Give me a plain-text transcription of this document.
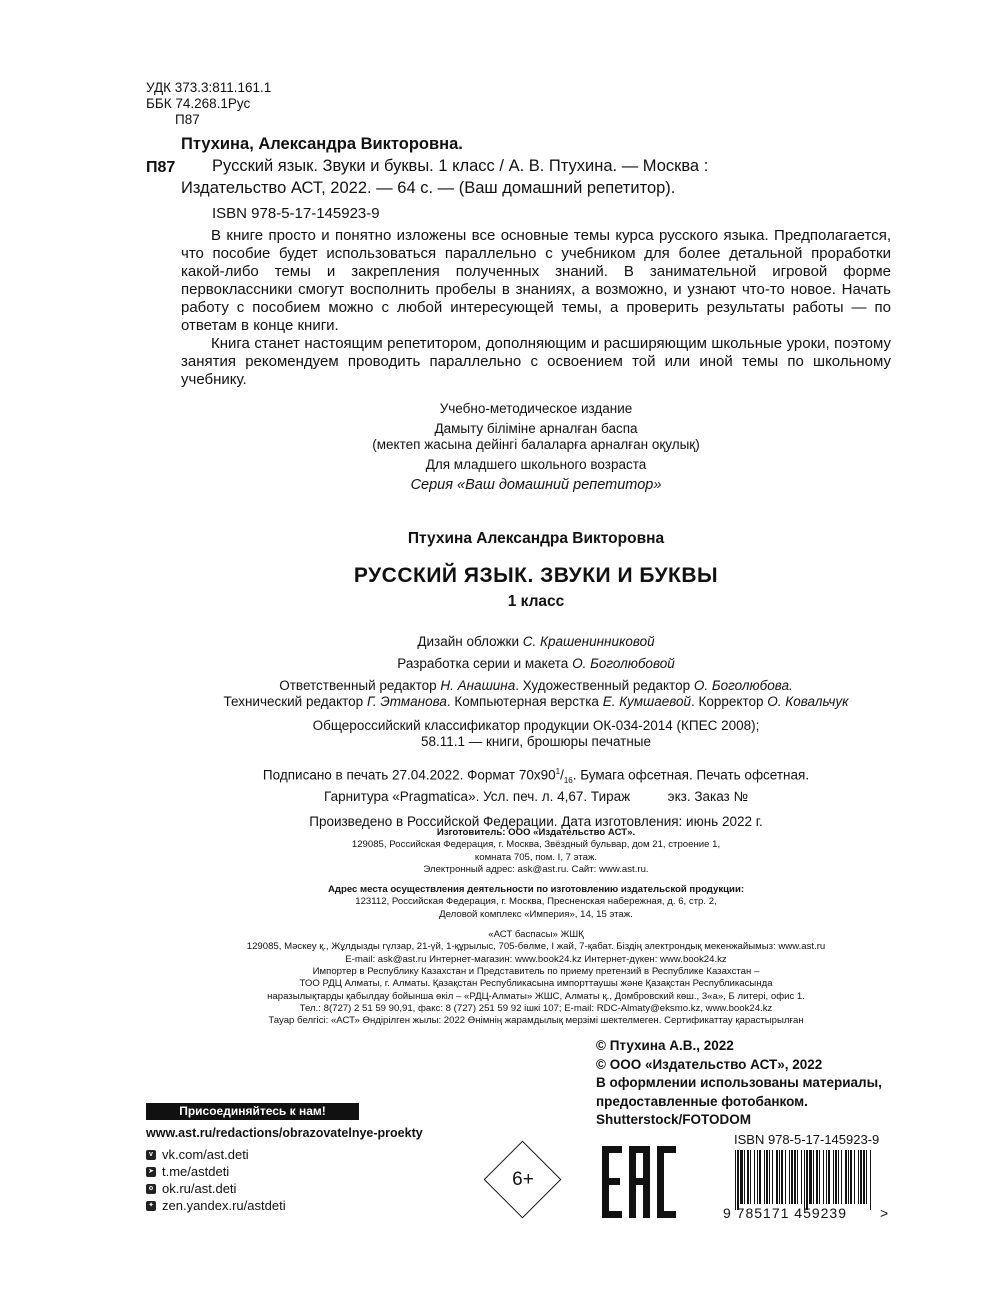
УДК 373.3:811.161.1
ББК 74.268.1Рус
П87
Птухина, Александра Викторовна.
П87 Русский язык. Звуки и буквы. 1 класс / А. В. Птухина. — Москва :
Издательство АСТ, 2022. — 64 с. — (Ваш домашний репетитор).
ISBN 978-5-17-145923-9

В книге просто и понятно изложены все основные темы курса русского языка. Предполагается, что пособие будет использоваться параллельно с учебником для более детальной проработки какой-либо темы и закрепления полученных знаний. В занимательной игровой форме первоклассники смогут восполнить пробелы в знаниях, а возможно, и узнают что-то новое. Начать работу с пособием можно с любой интересующей темы, а проверить результаты работы — по ответам в конце книги.

Книга станет настоящим репетитором, дополняющим и расширяющим школьные уроки, поэтому занятия рекомендуем проводить параллельно с освоением той или иной темы по школьному учебнику.

Учебно-методическое издание
Дамыту біліміне арналған баспа
(мектеп жасына дейінгі балаларға арналған оқулық)
Для младшего школьного возраста
Серия «Ваш домашний репетитор»
Птухина Александра Викторовна
РУССКИЙ ЯЗЫК. ЗВУКИ И БУКВЫ
1 класс
Дизайн обложки С. Крашенинниковой
Разработка серии и макета О. Боголюбовой
Ответственный редактор Н. Анашина. Художественный редактор О. Боголюбова.
Технический редактор Г. Этманова. Компьютерная верстка Е. Кумшаевой. Корректор О. Ковальчук
Общероссийский классификатор продукции ОК-034-2014 (КПЕС 2008);
58.11.1 — книги, брошюры печатные
Подписано в печать 27.04.2022. Формат $70х90^1/_{16}$. Бумага офсетная. Печать офсетная.
Гарнитура «Pragmatica». Усл. печ. л. 4,67. Тираж          экз. Заказ №
Произведено в Российской Федерации. Дата изготовления: июнь 2022 г.
Изготовитель: ООО «Издательство АСТ».
129085, Российская Федерация, г. Москва, Звёздный бульвар, дом 21, строение 1,
комната 705, пом. I, 7 этаж.
Электронный адрес: ask@ast.ru. Сайт: www.ast.ru.
Адрес места осуществления деятельности по изготовлению издательской продукции:
123112, Российская Федерация, г. Москва, Пресненская набережная, д. 6, стр. 2,
Деловой комплекс «Империя», 14, 15 этаж.
«АСТ баспасы» ЖШҚ
129085, Мәскеу қ., Жұлдызды гүлзар, 21-үй, 1-құрылыс, 705-бөлме, I жай, 7-қабат. Біздің электрондық мекенжайымыз: www.ast.ru
E-mail: ask@ast.ru Интернет-магазин: www.book24.kz Интернет-дүкен: www.book24.kz
Импортер в Республику Казахстан и Представитель по приему претензий в Республике Казахстан –
ТОО РДЦ Алматы, г. Алматы. Қазақстан Республикасына импорттаушы және Қазақстан Республикасында
наразылықтарды қабылдау бойынша өкіл – «РДЦ-Алматы» ЖШС, Алматы қ., Домбровский көш., 3«а», Б литері, офис 1.
Тел.: 8(727) 2 51 59 90,91, факс: 8 (727) 251 59 92 ішкі 107; E-mail: RDC-Almaty@eksmo.kz, www.book24.kz
Тауар белгісі: «АСТ» Өндірілген жылы: 2022 Өнімнің жарамдылық мерзімі шектелмеген. Сертификаттау қарастырылған
© Птухина А.В., 2022
© ООО «Издательство АСТ», 2022
В оформлении использованы материалы,
предоставленные фотобанком.
Shutterstock/FOTODOM
Присоединяйтесь к нам!
www.ast.ru/redactions/obrazovatelnye-proekty
v vk.com/ast.deti
➤ t.me/astdeti
o ok.ru/ast.deti
✦ zen.yandex.ru/astdeti
6+
ISBN 978-5-17-145923-9
9 785171 459239 >
